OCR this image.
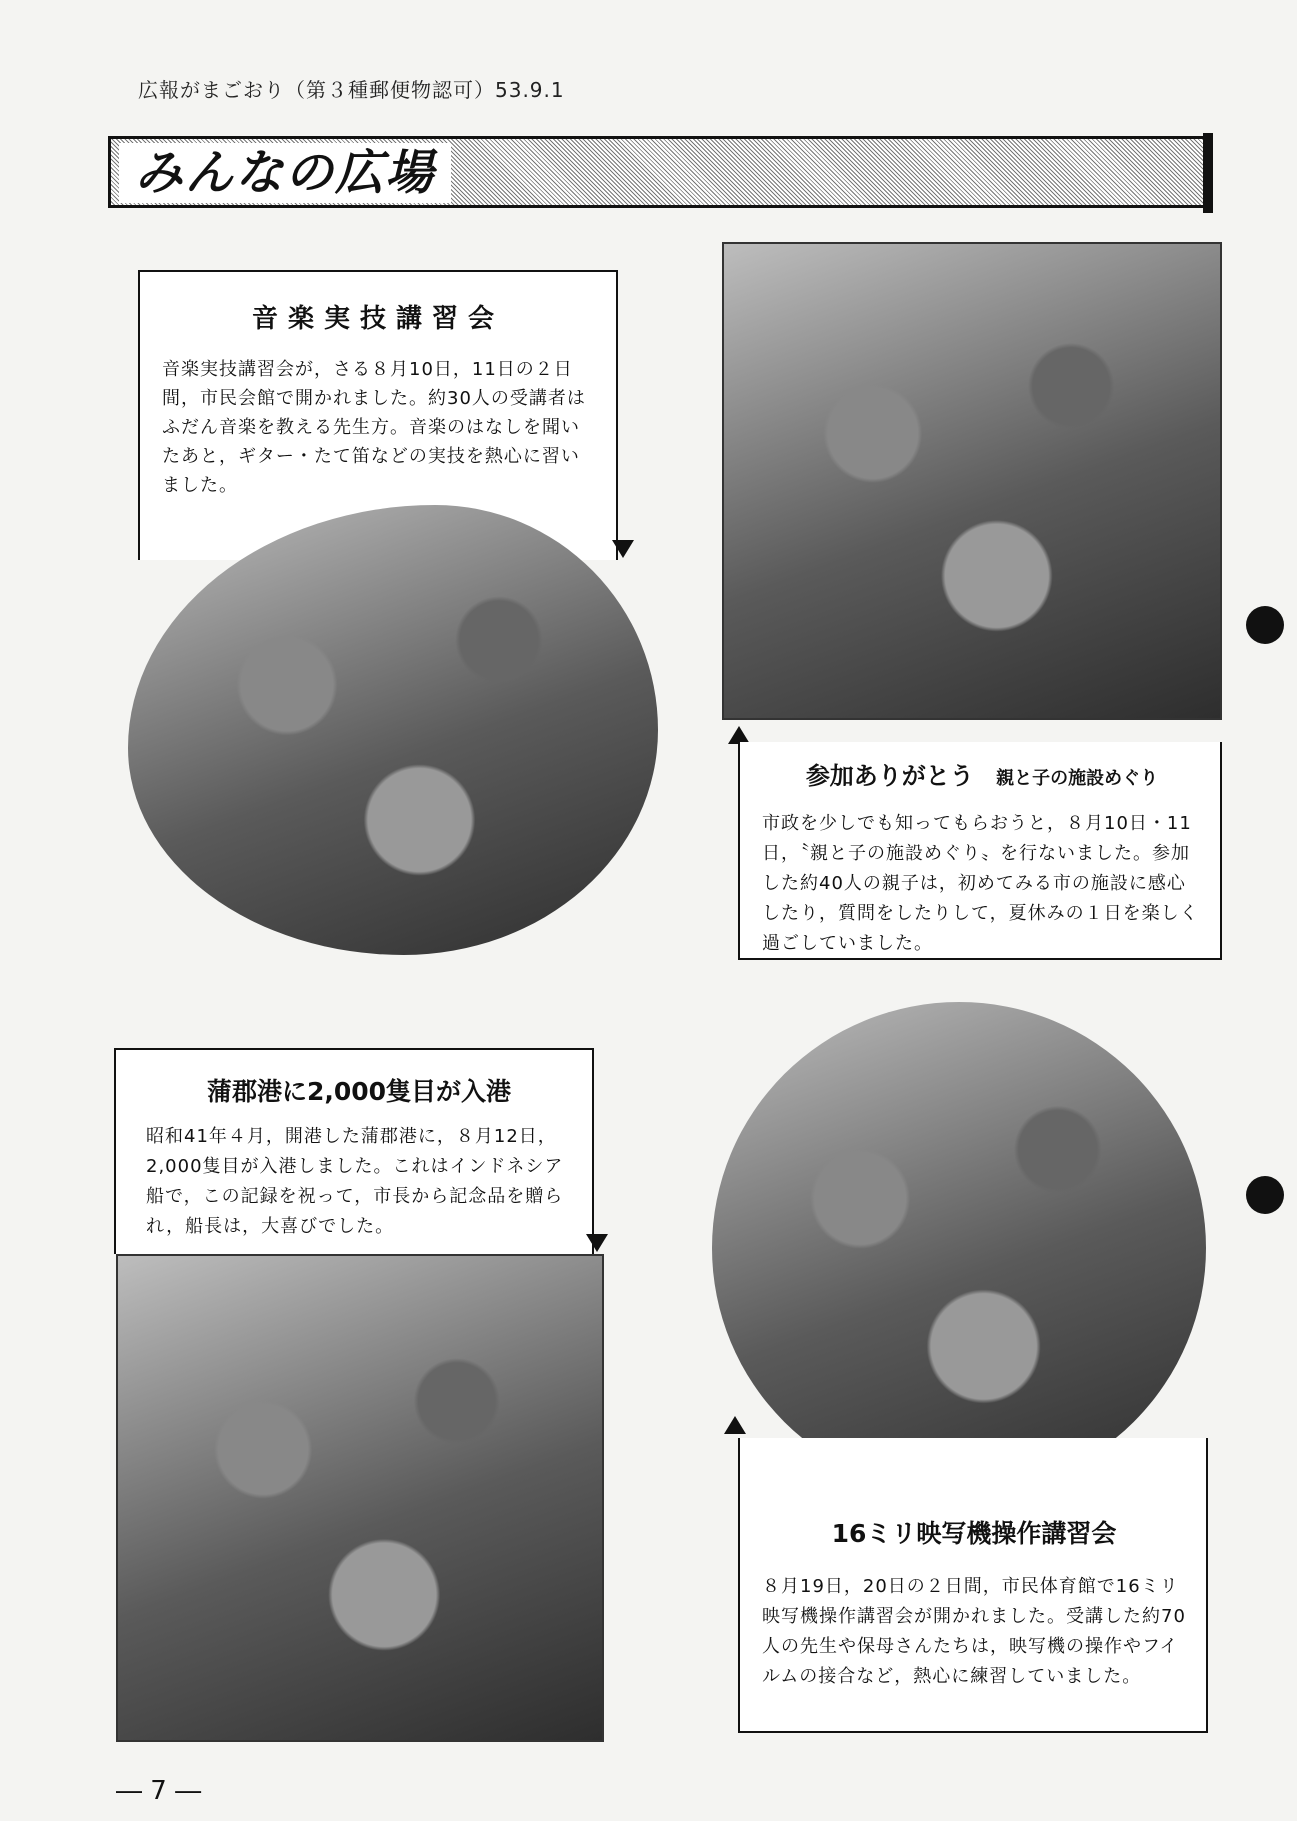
広報がまごおり（第３種郵便物認可）53.9.1
みんなの広場
音楽実技講習会

音楽実技講習会が，さる８月10日，11日の２日間，市民会館で開かれました。約30人の受講者はふだん音楽を教える先生方。音楽のはなしを聞いたあと，ギター・たて笛などの実技を熱心に習いました。

参加ありがとう 親と子の施設めぐり

市政を少しでも知ってもらおうと，８月10日・11日，〝親と子の施設めぐり〟を行ないました。参加した約40人の親子は，初めてみる市の施設に感心したり，質問をしたりして，夏休みの１日を楽しく過ごしていました。

蒲郡港に2,000隻目が入港

昭和41年４月，開港した蒲郡港に，８月12日，2,000隻目が入港しました。これはインドネシア船で，この記録を祝って，市長から記念品を贈られ，船長は，大喜びでした。

16ミリ映写機操作講習会

８月19日，20日の２日間，市民体育館で16ミリ映写機操作講習会が開かれました。受講した約70人の先生や保母さんたちは，映写機の操作やフイルムの接合など，熱心に練習していました。

― 7 ―
